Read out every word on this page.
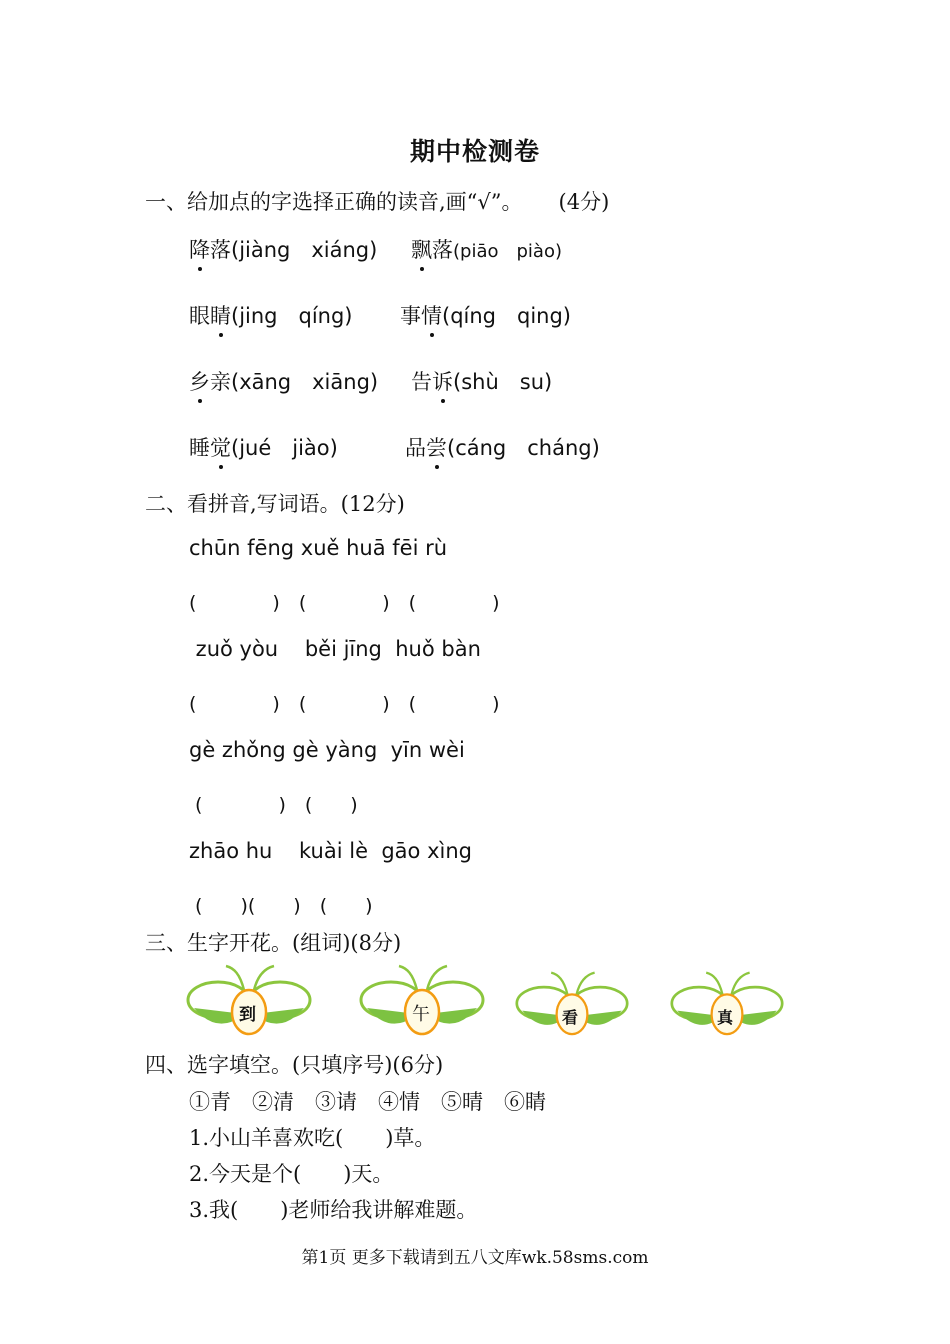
期中检测卷
一、给加点的字选择正确的读音,画“√”。 (4分)
降落(jiàng　xiáng) 飘落(piāo　piào)
眼睛(jing　qíng) 事情(qíng　qing)
乡亲(xāng　xiāng) 告诉(shù　su)
睡觉(jué　jiào)	品尝(cáng　cháng)
二、看拼音,写词语。(12分)
chūn fēng xuě huā fēi rù
(　　　　)　(　　　　)　(　　　　)
zuǒ yòu    běi jīng  huǒ bàn
(　　　　)　(　　　　)　(　　　　)
gè zhǒng gè yàng  yīn wèi
(　　　　)　(　　)
zhāo hu    kuài lè  gāo xìng
(　　)(　　)　(　　)
三、生字开花。(组词)(8分)
到	午	看	真
四、选字填空。(只填序号)(6分)
①青　②清　③请　④情　⑤晴　⑥睛
1.小山羊喜欢吃(　　)草。
2.今天是个(　　)天。
3.我(　　)老师给我讲解难题。
第1页 更多下载请到五八文库wk.58sms.com
